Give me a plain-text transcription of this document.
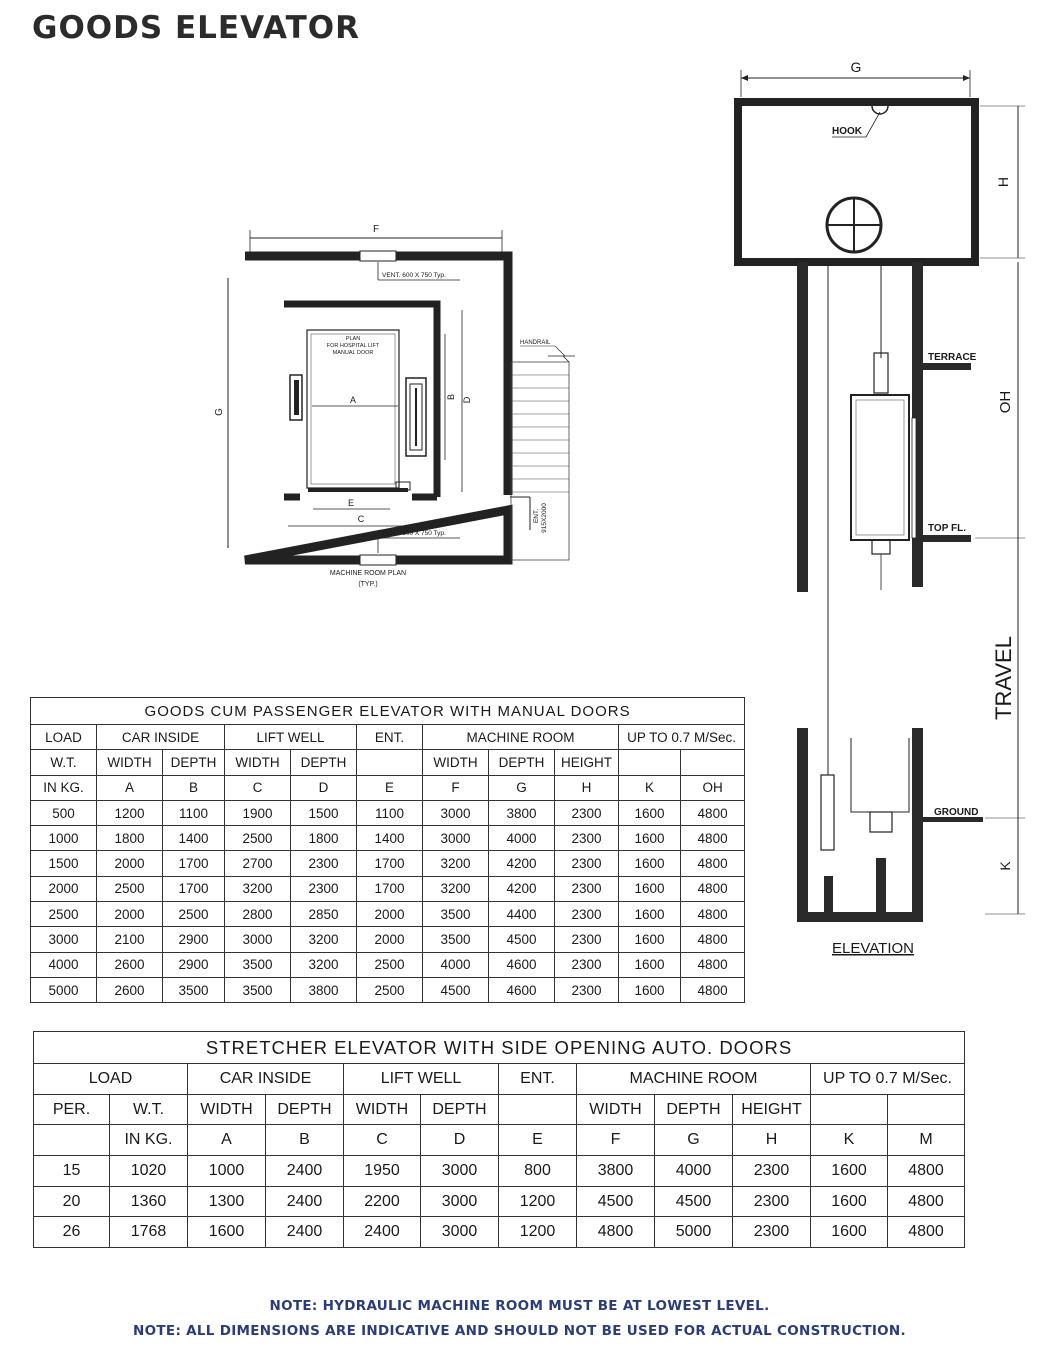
GOODS ELEVATOR
F
G
VENT. 600 X 750 Typ.
VENT. 600 X 750 Typ.
PLAN
FOR HOSPITAL LIFT
MANUAL DOOR
A	B D
E
C
HANDRAIL
ENT. 915X2000
MACHINE ROOM PLAN
(TYP.)
G
HOOK
H
TERRACE
TOP FL.
GROUND
OH
TRAVEL
K
ELEVATION
GOODS CUM PASSENGER ELEVATOR WITH MANUAL DOORS										
LOAD	CAR INSIDE		LIFT WELL		ENT.	MACHINE ROOM			UP TO 0.7 M/Sec.	
W.T.	WIDTH	DEPTH	WIDTH	DEPTH		WIDTH	DEPTH	HEIGHT		
IN KG.	A	B	C	D	E	F	G	H	K	OH
500	1200	1100	1900	1500	1100	3000	3800	2300	1600	4800
1000	1800	1400	2500	1800	1400	3000	4000	2300	1600	4800
1500	2000	1700	2700	2300	1700	3200	4200	2300	1600	4800
2000	2500	1700	3200	2300	1700	3200	4200	2300	1600	4800
2500	2000	2500	2800	2850	2000	3500	4400	2300	1600	4800
3000	2100	2900	3000	3200	2000	3500	4500	2300	1600	4800
4000	2600	2900	3500	3200	2500	4000	4600	2300	1600	4800
5000	2600	3500	3500	3800	2500	4500	4600	2300	1600	4800
STRETCHER ELEVATOR WITH SIDE OPENING AUTO. DOORS											
LOAD		CAR INSIDE		LIFT WELL		ENT.	MACHINE ROOM			UP TO 0.7 M/Sec.	
PER.	W.T.	WIDTH	DEPTH	WIDTH	DEPTH		WIDTH	DEPTH	HEIGHT		
	IN KG.	A	B	C	D	E	F	G	H	K	M
15	1020	1000	2400	1950	3000	800	3800	4000	2300	1600	4800
20	1360	1300	2400	2200	3000	1200	4500	4500	2300	1600	4800
26	1768	1600	2400	2400	3000	1200	4800	5000	2300	1600	4800
NOTE: HYDRAULIC MACHINE ROOM MUST BE AT LOWEST LEVEL.
NOTE: ALL DIMENSIONS ARE INDICATIVE AND SHOULD NOT BE USED FOR ACTUAL CONSTRUCTION.
